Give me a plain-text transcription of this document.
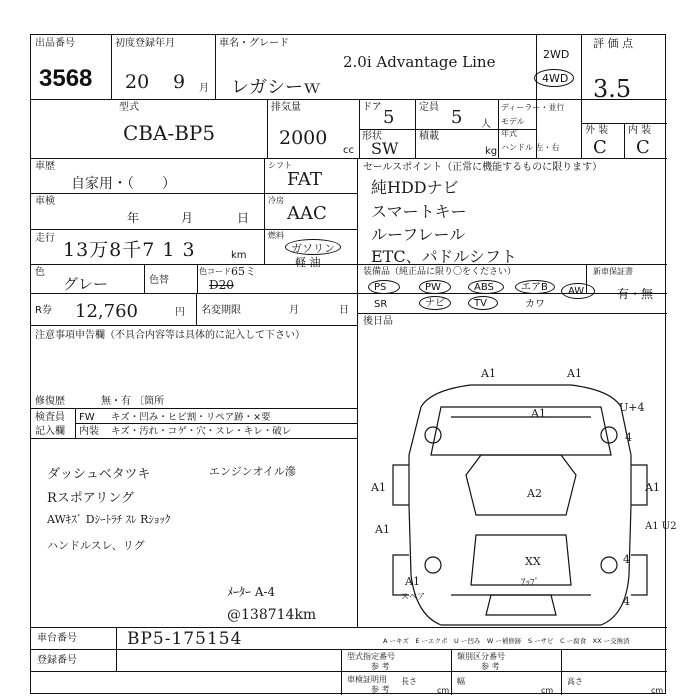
出品番号
3568
初度登録年月
20 9 月
車名・グレード
レガシーｗ
2.0i Advantage Line	2WD
4WD
評 価 点
3.5
外 装 内 装
C C
型式
CBA-BP5
排気量
2000
cc
ドア 5 定員 5 人
形状
SW
積載
kg
ディーラー・並行
モデル
年式
ハンドル 左・右
車歴
自家用・（　　）
車検
年	月	日
走行
13万8千7 1 3	km
色
グレー	色替
色コード 65ミ
D20
R券 12,760	円 名変期限	月	日
シフト
FAT
冷房
AAC
燃料
ガソリン
軽 油
セールスポイント（正常に機能するものに限ります）
純HDDナビ
スマートキー
ルーフレール
ETC、パドルシフト
装備品（純正品に限り〇をください）	新車保証書
有・無
PS	PW	ABS	エアB AW
SR	ナビ	TV	カワ
後日品
注意事項申告欄（不具合内容等は具体的に記入して下さい）
修復歴	無・有 〔箇所
検査員
記入欄
FW キズ・凹み・ヒビ割・リペア跡・×要
内装 キズ・汚れ・コゲ・穴・スレ・キレ・破レ
ダッシュベタツキ
Rスポアリング
AWｷｽﾞ Dｼｰﾄﾗﾁ ｽﾚ Rｼｮｯｸ
ハンドルスレ、リグ
エンジンオイル滲
ﾒｰﾀｰ A-4
@138714km
A1	A1
A1	U+4
4
A2
A1	A1
A1 U2
XX	4
ｱｯﾌﾟ
A1
A1
4
スペア
A ーキズ　E ーエクボ　U ー凹み　W ー補修跡　S ーサビ　C ー腐食　XX ー交換済
車台番号	BP5-175154
登録番号	型式指定番号
参 考
類別区分番号
参 考
車検証明用
参 考
長さ
cm
幅
cm
高さ
cm
